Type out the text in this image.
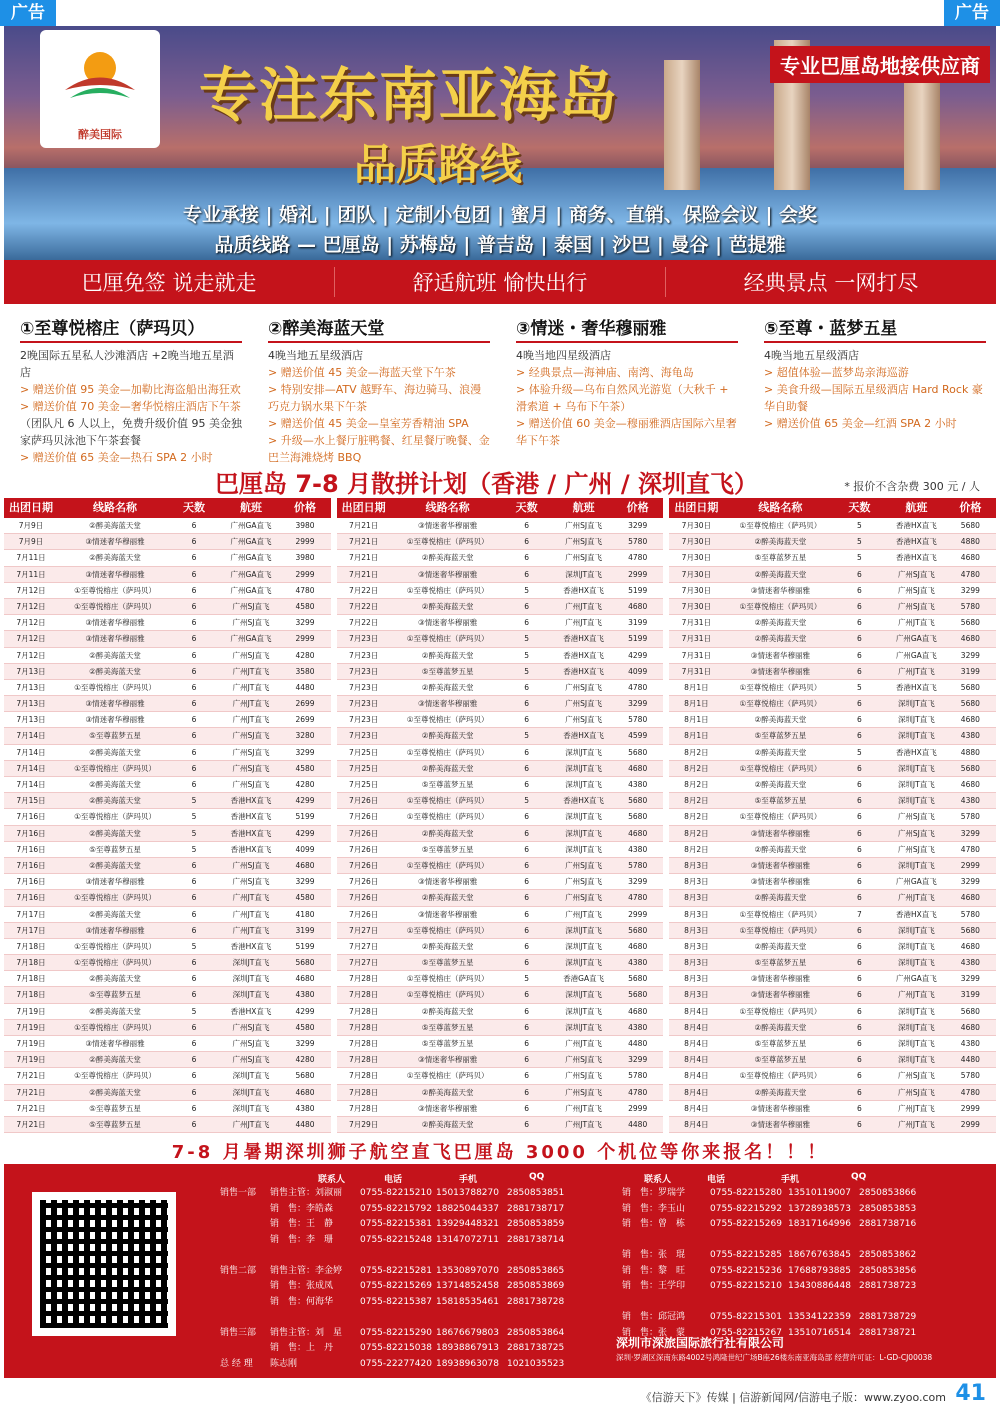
广告	广告
醉美国际
专注东南亚海岛
品质路线
专业巴厘岛地接供应商
专业承接 | 婚礼 | 团队 | 定制小包团 | 蜜月 | 商务、直销、保险会议 | 会奖
品质线路 — 巴厘岛 | 苏梅岛 | 普吉岛 | 泰国 | 沙巴 | 曼谷 | 芭提雅
巴厘免签 说走就走	舒适航班 愉快出行	经典景点 一网打尽
①至尊悦榕庄（萨玛贝）

2晚国际五星私人沙滩酒店 +2晚当地五星酒店

> 赠送价值 95 美金—加勒比海盗船出海狂欢

> 赠送价值 70 美金—奢华悦榕庄酒店下午茶

（团队凡 6 人以上，免费升级价值 95 美金独家萨玛贝泳池下午茶套餐

> 赠送价值 65 美金—热石 SPA 2 小时

②醉美海蓝天堂

4晚当地五星级酒店

> 赠送价值 45 美金—海蓝天堂下午茶

> 特别安排—ATV 越野车、海边骑马、浪漫巧克力锅水果下午茶

> 赠送价值 45 美金—皇室芳香精油 SPA

> 升级—水上餐厅脏鸭餐、红星餐厅晚餐、金巴兰海滩烧烤 BBQ

③情迷・奢华穆丽雅

4晚当地四星级酒店

> 经典景点—海神庙、南湾、海龟岛

> 体验升级—乌布自然风光游览（大秋千 + 滑索道 + 乌布下午茶）

> 赠送价值 60 美金—穆丽雅酒店国际六星奢华下午茶

⑤至尊・蓝梦五星

4晚当地五星级酒店

> 超值体验—蓝梦岛亲海巡游

> 美食升级—国际五星级酒店 Hard Rock 豪华自助餐

> 赠送价值 65 美金—红酒 SPA 2 小时

巴厘岛 7-8 月散拼计划（香港 / 广州 / 深圳直飞）	* 报价不含杂费 300 元 / 人
出团日期	线路名称	天数	航班	价格
7月9日	②醉美海蓝天堂	6	广州GA直飞	3980
7月9日	③情迷奢华穆丽雅	6	广州GA直飞	2999
7月11日	②醉美海蓝天堂	6	广州GA直飞	3980
7月11日	③情迷奢华穆丽雅	6	广州GA直飞	2999
7月12日	①至尊悦榕庄（萨玛贝）	6	广州GA直飞	4780
7月12日	①至尊悦榕庄（萨玛贝）	6	广州SJ直飞	4580
7月12日	③情迷奢华穆丽雅	6	广州SJ直飞	3299
7月12日	③情迷奢华穆丽雅	6	广州GA直飞	2999
7月12日	②醉美海蓝天堂	6	广州SJ直飞	4280
7月13日	②醉美海蓝天堂	6	广州JT直飞	3580
7月13日	①至尊悦榕庄（萨玛贝）	6	广州JT直飞	4480
7月13日	③情迷奢华穆丽雅	6	广州JT直飞	2699
7月13日	③情迷奢华穆丽雅	6	广州JT直飞	2699
7月14日	⑤至尊蓝梦五星	6	广州SJ直飞	3280
7月14日	②醉美海蓝天堂	6	广州SJ直飞	3299
7月14日	①至尊悦榕庄（萨玛贝）	6	广州SJ直飞	4580
7月14日	②醉美海蓝天堂	6	广州SJ直飞	4280
7月15日	②醉美海蓝天堂	5	香港HX直飞	4299
7月16日	①至尊悦榕庄（萨玛贝）	5	香港HX直飞	5199
7月16日	②醉美海蓝天堂	5	香港HX直飞	4299
7月16日	⑤至尊蓝梦五星	5	香港HX直飞	4099
7月16日	②醉美海蓝天堂	6	广州SJ直飞	4680
7月16日	③情迷奢华穆丽雅	6	广州SJ直飞	3299
7月16日	①至尊悦榕庄（萨玛贝）	6	广州JT直飞	4580
7月17日	②醉美海蓝天堂	6	广州JT直飞	4180
7月17日	③情迷奢华穆丽雅	6	广州JT直飞	3199
7月18日	①至尊悦榕庄（萨玛贝）	5	香港HX直飞	5199
7月18日	①至尊悦榕庄（萨玛贝）	6	深圳JT直飞	5680
7月18日	②醉美海蓝天堂	6	深圳JT直飞	4680
7月18日	⑤至尊蓝梦五星	6	深圳JT直飞	4380
7月19日	②醉美海蓝天堂	5	香港HX直飞	4299
7月19日	①至尊悦榕庄（萨玛贝）	6	广州SJ直飞	4580
7月19日	③情迷奢华穆丽雅	6	广州SJ直飞	3299
7月19日	②醉美海蓝天堂	6	广州SJ直飞	4280
7月21日	①至尊悦榕庄（萨玛贝）	6	深圳JT直飞	5680
7月21日	②醉美海蓝天堂	6	深圳JT直飞	4680
7月21日	⑤至尊蓝梦五星	6	深圳JT直飞	4380
7月21日	⑤至尊蓝梦五星	6	广州JT直飞	4480
出团日期	线路名称	天数	航班	价格
7月21日	③情迷奢华穆丽雅	6	广州SJ直飞	3299
7月21日	①至尊悦榕庄（萨玛贝）	6	广州SJ直飞	5780
7月21日	②醉美海蓝天堂	6	广州SJ直飞	4780
7月21日	③情迷奢华穆丽雅	6	深圳JT直飞	2999
7月22日	①至尊悦榕庄（萨玛贝）	5	香港HX直飞	5199
7月22日	②醉美海蓝天堂	6	广州JT直飞	4680
7月22日	③情迷奢华穆丽雅	6	广州JT直飞	3199
7月23日	①至尊悦榕庄（萨玛贝）	5	香港HX直飞	5199
7月23日	②醉美海蓝天堂	5	香港HX直飞	4299
7月23日	⑤至尊蓝梦五星	5	香港HX直飞	4099
7月23日	②醉美海蓝天堂	6	广州SJ直飞	4780
7月23日	③情迷奢华穆丽雅	6	广州SJ直飞	3299
7月23日	①至尊悦榕庄（萨玛贝）	6	广州SJ直飞	5780
7月23日	②醉美海蓝天堂	5	香港HX直飞	4599
7月25日	①至尊悦榕庄（萨玛贝）	6	深圳JT直飞	5680
7月25日	②醉美海蓝天堂	6	深圳JT直飞	4680
7月25日	⑤至尊蓝梦五星	6	深圳JT直飞	4380
7月26日	①至尊悦榕庄（萨玛贝）	5	香港HX直飞	5680
7月26日	①至尊悦榕庄（萨玛贝）	6	深圳JT直飞	5680
7月26日	②醉美海蓝天堂	6	深圳JT直飞	4680
7月26日	⑤至尊蓝梦五星	6	深圳JT直飞	4380
7月26日	①至尊悦榕庄（萨玛贝）	6	广州SJ直飞	5780
7月26日	③情迷奢华穆丽雅	6	广州SJ直飞	3299
7月26日	②醉美海蓝天堂	6	广州SJ直飞	4780
7月26日	③情迷奢华穆丽雅	6	广州JT直飞	2999
7月27日	①至尊悦榕庄（萨玛贝）	6	深圳JT直飞	5680
7月27日	②醉美海蓝天堂	6	深圳JT直飞	4680
7月27日	⑤至尊蓝梦五星	6	深圳JT直飞	4380
7月28日	①至尊悦榕庄（萨玛贝）	5	香港GA直飞	5680
7月28日	①至尊悦榕庄（萨玛贝）	6	深圳JT直飞	5680
7月28日	②醉美海蓝天堂	6	深圳JT直飞	4680
7月28日	⑤至尊蓝梦五星	6	深圳JT直飞	4380
7月28日	⑤至尊蓝梦五星	6	广州JT直飞	4480
7月28日	③情迷奢华穆丽雅	6	广州SJ直飞	3299
7月28日	①至尊悦榕庄（萨玛贝）	6	广州SJ直飞	5780
7月28日	②醉美海蓝天堂	6	广州SJ直飞	4780
7月28日	③情迷奢华穆丽雅	6	广州JT直飞	2999
7月29日	②醉美海蓝天堂	6	广州JT直飞	4480
出团日期	线路名称	天数	航班	价格
7月30日	①至尊悦榕庄（萨玛贝）	5	香港HX直飞	5680
7月30日	②醉美海蓝天堂	5	香港HX直飞	4880
7月30日	⑤至尊蓝梦五星	5	香港HX直飞	4680
7月30日	②醉美海蓝天堂	6	广州SJ直飞	4780
7月30日	③情迷奢华穆丽雅	6	广州SJ直飞	3299
7月30日	①至尊悦榕庄（萨玛贝）	6	广州SJ直飞	5780
7月31日	②醉美海蓝天堂	6	广州JT直飞	5680
7月31日	②醉美海蓝天堂	6	广州GA直飞	4680
7月31日	③情迷奢华穆丽雅	6	广州GA直飞	3299
7月31日	③情迷奢华穆丽雅	6	广州JT直飞	3199
8月1日	①至尊悦榕庄（萨玛贝）	5	香港HX直飞	5680
8月1日	①至尊悦榕庄（萨玛贝）	6	深圳JT直飞	5680
8月1日	②醉美海蓝天堂	6	深圳JT直飞	4680
8月1日	⑤至尊蓝梦五星	6	深圳JT直飞	4380
8月2日	②醉美海蓝天堂	5	香港HX直飞	4880
8月2日	①至尊悦榕庄（萨玛贝）	6	深圳JT直飞	5680
8月2日	②醉美海蓝天堂	6	深圳JT直飞	4680
8月2日	⑤至尊蓝梦五星	6	深圳JT直飞	4380
8月2日	①至尊悦榕庄（萨玛贝）	6	广州SJ直飞	5780
8月2日	③情迷奢华穆丽雅	6	广州SJ直飞	3299
8月2日	②醉美海蓝天堂	6	广州SJ直飞	4780
8月3日	③情迷奢华穆丽雅	6	深圳JT直飞	2999
8月3日	③情迷奢华穆丽雅	6	广州GA直飞	3299
8月3日	②醉美海蓝天堂	6	广州JT直飞	4680
8月3日	①至尊悦榕庄（萨玛贝）	7	香港HX直飞	5780
8月3日	①至尊悦榕庄（萨玛贝）	6	深圳JT直飞	5680
8月3日	②醉美海蓝天堂	6	深圳JT直飞	4680
8月3日	⑤至尊蓝梦五星	6	深圳JT直飞	4380
8月3日	③情迷奢华穆丽雅	6	广州GA直飞	3299
8月3日	③情迷奢华穆丽雅	6	广州JT直飞	3199
8月4日	①至尊悦榕庄（萨玛贝）	6	深圳JT直飞	5680
8月4日	②醉美海蓝天堂	6	深圳JT直飞	4680
8月4日	⑤至尊蓝梦五星	6	深圳JT直飞	4380
8月4日	⑤至尊蓝梦五星	6	深圳JT直飞	4480
8月4日	①至尊悦榕庄（萨玛贝）	6	广州SJ直飞	5780
8月4日	②醉美海蓝天堂	6	广州SJ直飞	4780
8月4日	③情迷奢华穆丽雅	6	广州JT直飞	2999
8月4日	③情迷奢华穆丽雅	6	广州JT直飞	2999
7-8 月暑期深圳狮子航空直飞巴厘岛 3000 个机位等你来报名！！！
联系人	电话	手机	QQ	联系人	电话	手机	QQ
销售一部 销售主管：刘淑丽 0755-82215210 15013788270 2850853851
销　售：李皓森	0755-82215792 18825044337 2881738717
销　售：王　静	0755-82215381 13929448321 2850853859
销　售：李　珊	0755-82215248 13147072711 2881738714
销售二部 销售主管：李金婷 0755-82215281 13530897070 2850853865
销　售：张成凤	0755-82215269 13714852458 2850853869
销　售：何海华	0755-82215387 15818535461 2881738728
销售三部 销售主管：刘　星 0755-82215290 18676679803 2850853864
销　售：上　丹	0755-82215038 18938867913 2881738725
总 经 理 陈志刚	0755-22277420 18938963078 1021035523
销　售：罗瑞学	0755-82215280 13510119007 2850853866
销　售：李玉山	0755-82215292 13728938573 2850853853
销　售：曾　栋	0755-82215269 18317164996 2881738716
销　售：张　琨	0755-82215285 18676763845 2850853862
销　售：黎　旺	0755-82215236 17688793885 2850853856
销　售：王学印	0755-82215210 13430886448 2881738723
销　售：邱冠鸿	0755-82215301 13534122359 2881738729
销　售：张　蒙	0755-82215267 13510716514 2881738721
深圳市深旅国际旅行社有限公司
深圳·罗湖区深南东路4002号鸿隆世纪广场B座26楼东南亚海岛部 经营许可证：L-GD-CJ00038
《信游天下》传媒 | 信游新闻网/信游电子版：www.zyoo.com 41
